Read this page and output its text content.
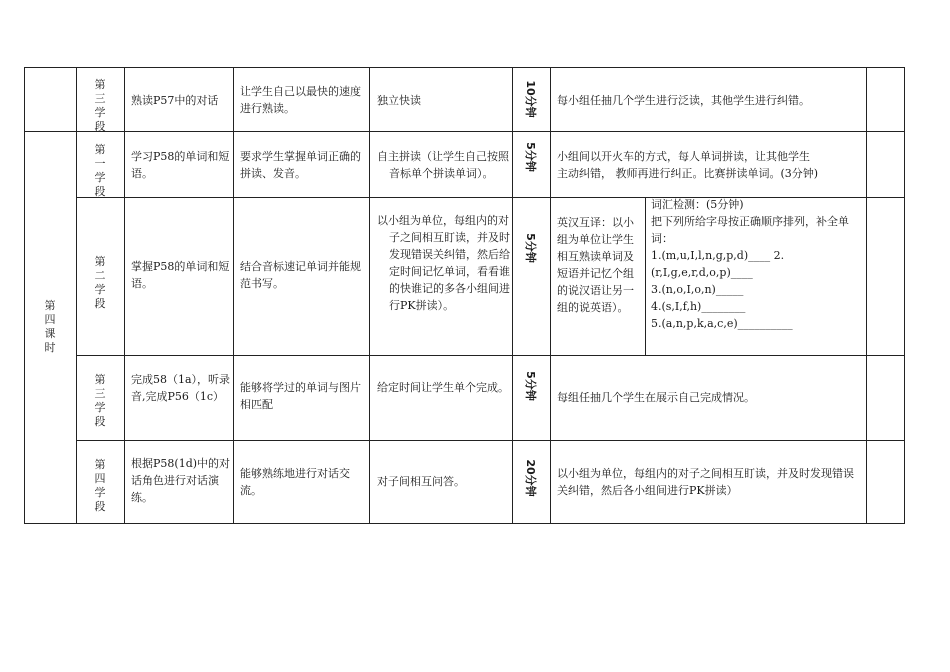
第四课时
第三学段
熟读P57中的对话
让学生自己以最快的速度进行熟读。
独立快读	10分钟 每小组任抽几个学生进行泛读，其他学生进行纠错。
第一学段
学习P58的单词和短语。
要求学生掌握单词正确的拼读、发音。
自主拼读（让学生自己按照音标单个拼读单词）。
5分钟 小组间以开火车的方式，每人单词拼读，让其他学生主动纠错， 教师再进行纠正。比赛拼读单词。(3分钟)
第二学段
掌握P58的单词和短语。
结合音标速记单词并能规范书写。
以小组为单位，每组内的对子之间相互盯读，并及时发现错误关纠错，然后给定时间记忆单词，看看谁的快谁记的多各小组间进行PK拼读）。
5分钟
英汉互译：以小组为单位让学生相互熟读单词及短语并记忆个组的说汉语让另一组的说英语）。
词汇检测：(5分钟)
把下列所给字母按正确顺序排列，补全单词：
1.(m,u,I,l,n,g,p,d)____ 2.
(r,I,g,e,r,d,o,p)____
3.(n,o,I,o,n)_____
4.(s,I,f,h)________
5.(a,n,p,k,a,c,e)__________
第三学段
完成58（1a），听录音,完成P56（1c）
能够将学过的单词与图片相匹配
给定时间让学生单个完成。 5分钟 每组任抽几个学生在展示自己完成情况。
第四学段
根据P58(1d)中的对话角色进行对话演练。
能够熟练地进行对话交流。
对子间相互问答。	20分钟 以小组为单位，每组内的对子之间相互盯读，并及时发现错误关纠错，然后各小组间进行PK拼读）
